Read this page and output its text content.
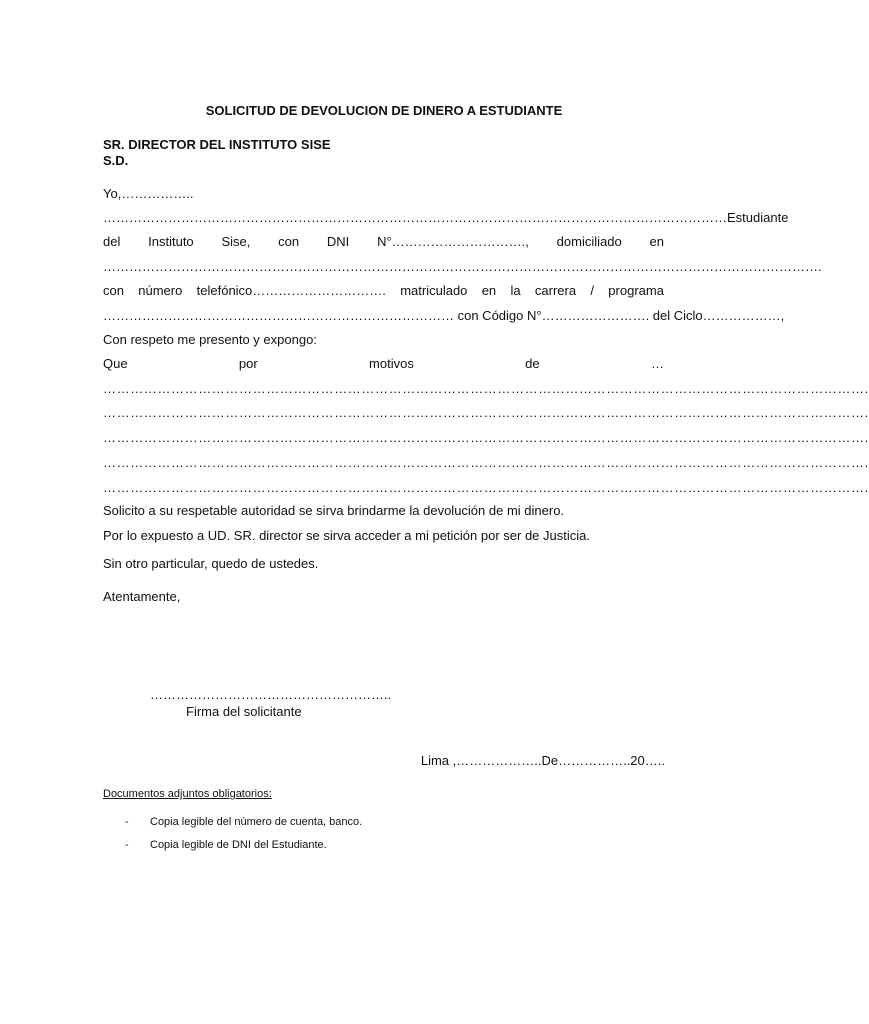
SOLICITUD DE DEVOLUCION DE DINERO A ESTUDIANTE
SR. DIRECTOR DEL INSTITUTO SISE
S.D.
Yo,……………..
………………………………………………………………………………………………………………………………Estudiante
del Instituto Sise, con DNI N°…………………………., domiciliado en
………………………………………………………………………………………………………………………………………………….
con número telefónico…………………………. matriculado en la carrera / programa
……………………………………………………………………… con Código N°……………………. del Ciclo………………,
Con respeto me presento y expongo:
Que	por	motivos	de	…
…………………………………………………………………………………………………………………………………………………….
…………………………………………………………………………………………………………………………………………………….
…………………………………………………………………………………………………………………………………………………….
…………………………………………………………………………………………………………………………………………………….
…………………………………………………………………………………………………………………………………………………….
Solicito a su respetable autoridad se sirva brindarme la devolución de mi dinero.
Por lo expuesto a UD. SR. director se sirva acceder a mi petición por ser de Justicia.
Sin otro particular, quedo de ustedes.
Atentamente,
………………………………………………..
Firma del solicitante
Lima ,………………..De……………..20…..
Documentos adjuntos obligatorios:
- Copia legible del número de cuenta, banco.
- Copia legible de DNI del Estudiante.
